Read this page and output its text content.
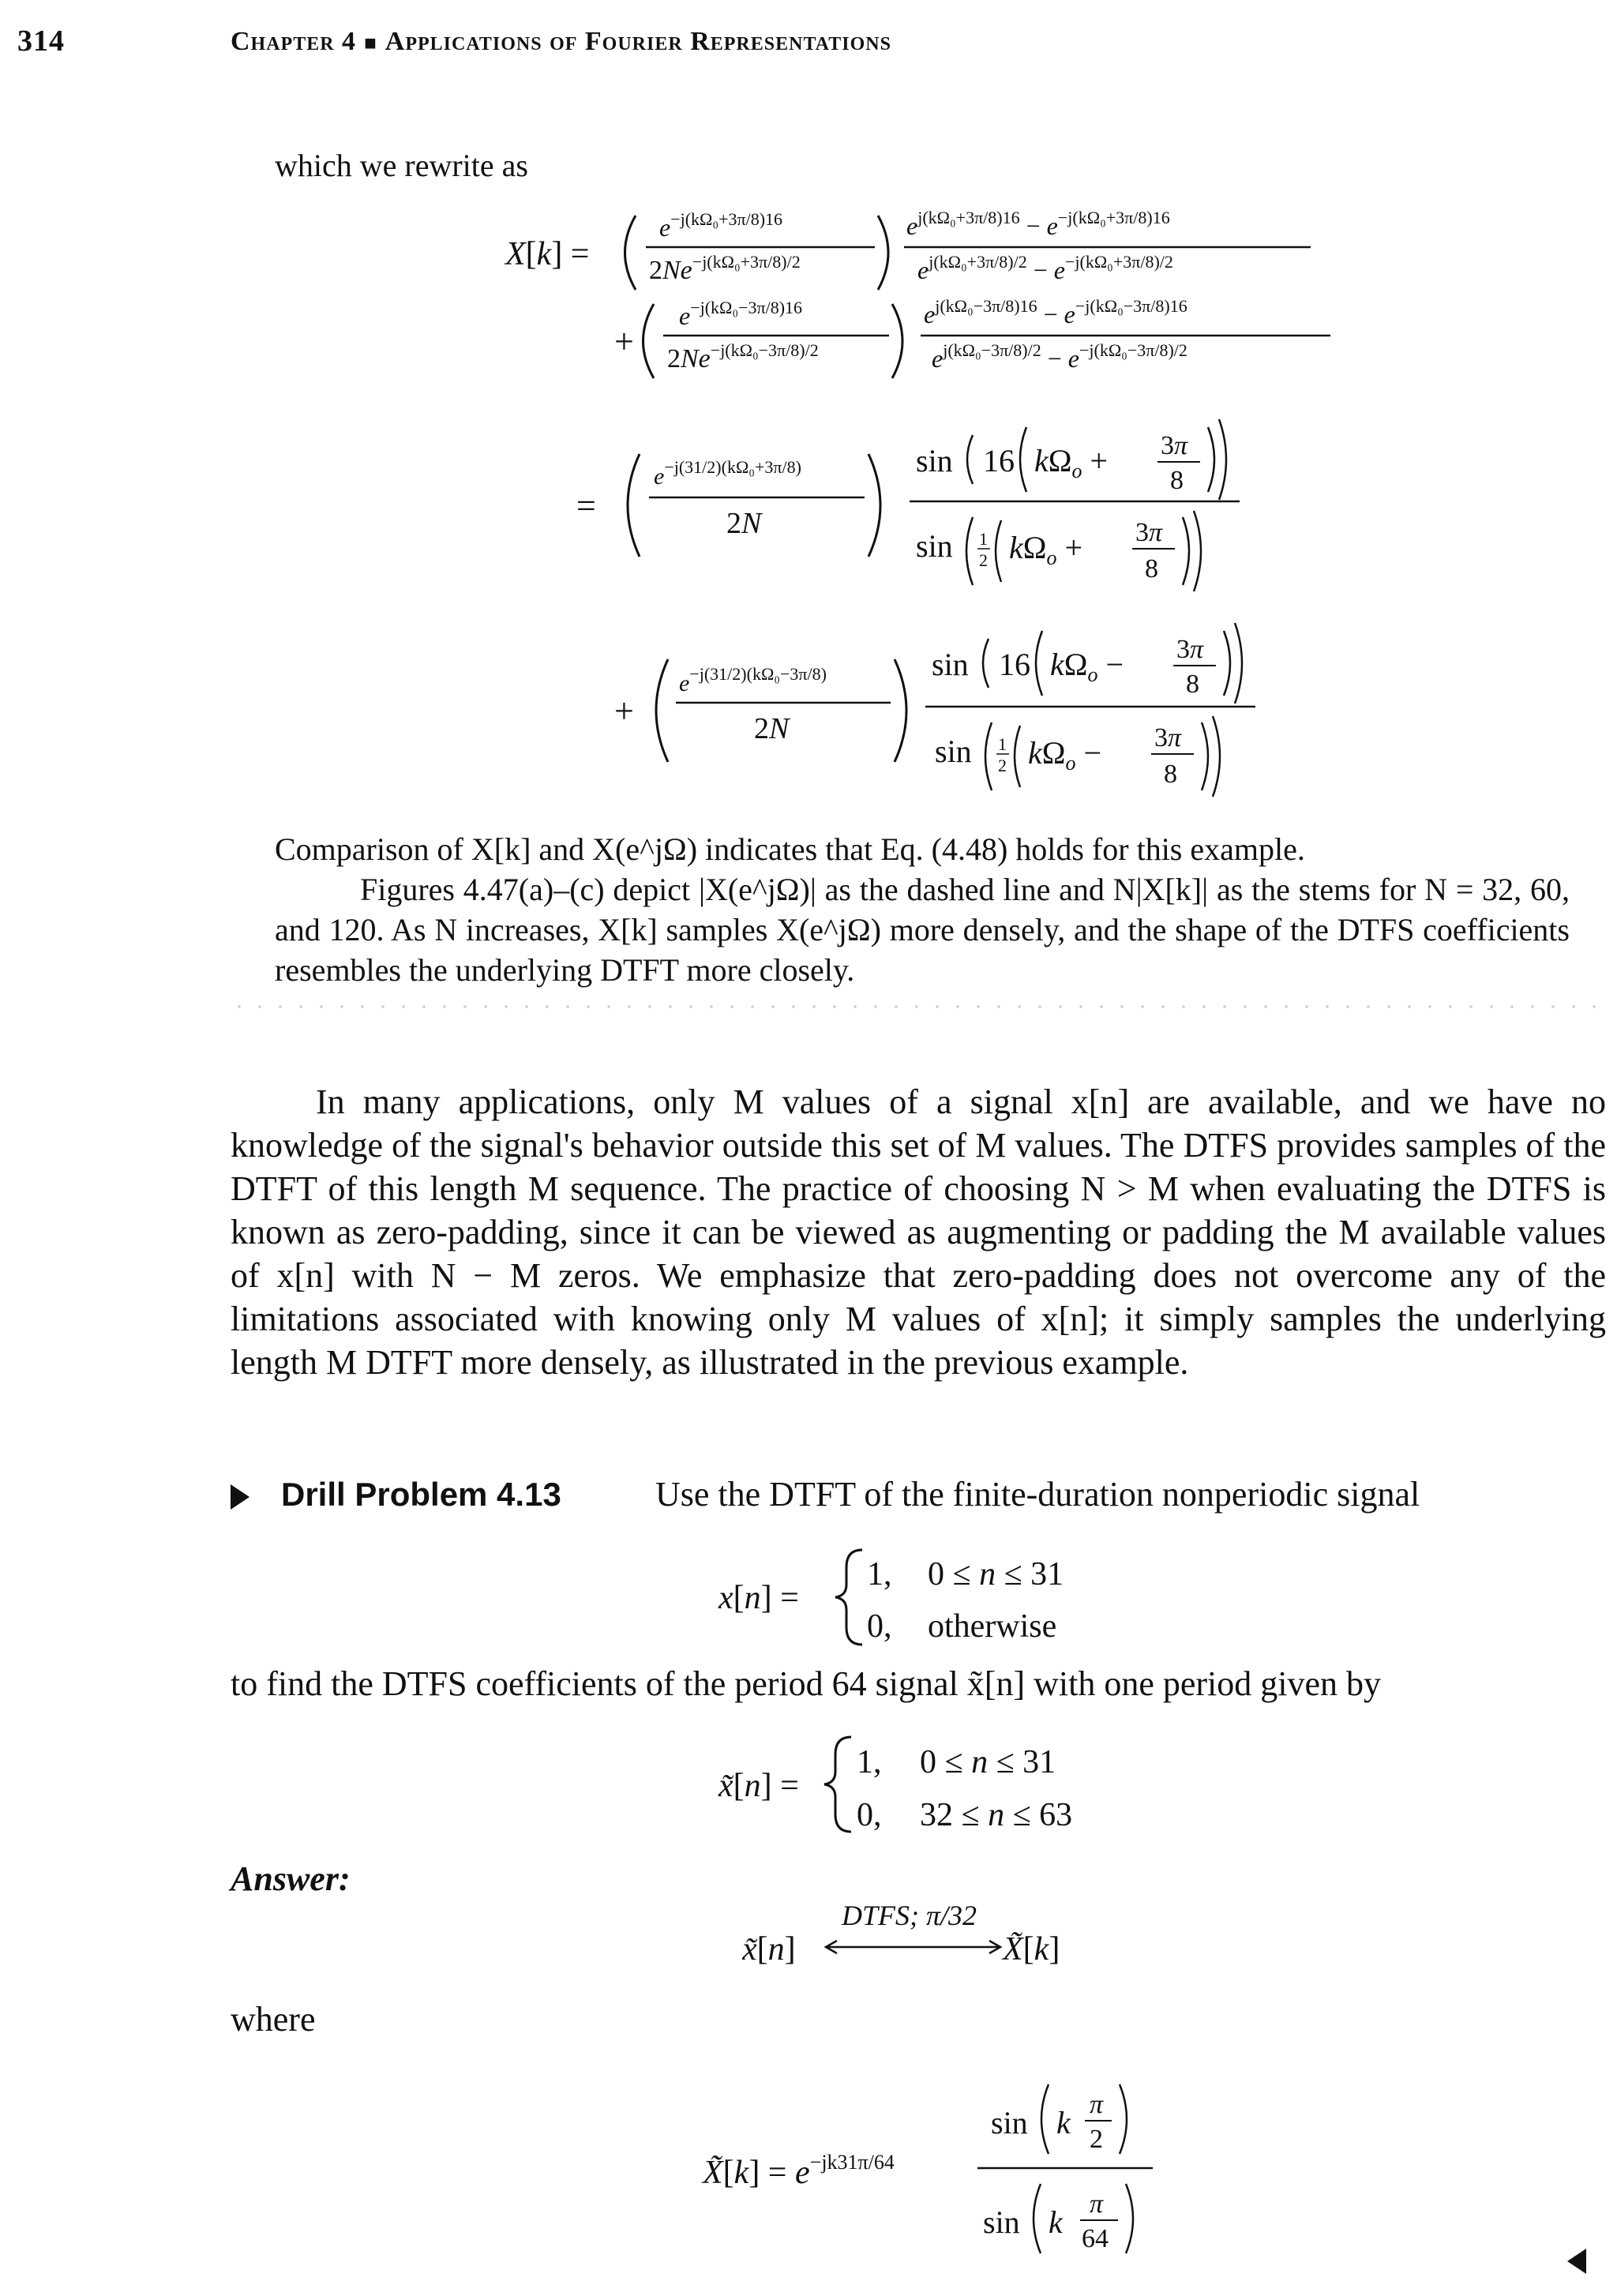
314	Chapter 4 ■ Applications of Fourier Representations
which we rewrite as
X[k] =
$e^{-j(k\Omega_0+3\pi/8)16}$
$2Ne^{-j(k\Omega_0+3\pi/8)/2}$
$e^{j(k\Omega_0+3\pi/8)16} - e^{-j(k\Omega_0+3\pi/8)16}$
$e^{j(k\Omega_0+3\pi/8)/2} - e^{-j(k\Omega_0+3\pi/8)/2}$
+
$e^{-j(k\Omega_0-3\pi/8)16}$
$2Ne^{-j(k\Omega_0-3\pi/8)/2}$
$e^{j(k\Omega_0-3\pi/8)16} - e^{-j(k\Omega_0-3\pi/8)16}$
$e^{j(k\Omega_0-3\pi/8)/2} - e^{-j(k\Omega_0-3\pi/8)/2}$
=
$e^{-j(31/2)(k\Omega_0+3\pi/8)}$
2N
sin 16 $k\Omega_o + 3\pi$
8
sin 1
2 $k\Omega_o + 3\pi$
8
+
$e^{-j(31/2)(k\Omega_0-3\pi/8)}$
2N
sin 16 $k\Omega_o - 3\pi$
8
sin 1
2 $k\Omega_o - 3\pi$
8
Comparison of X[k] and X(e^jΩ) indicates that Eq. (4.48) holds for this example.
Figures 4.47(a)–(c) depict |X(e^jΩ)| as the dashed line and N|X[k]| as the stems for N = 32, 60, and 120. As N increases, X[k] samples X(e^jΩ) more densely, and the shape of the DTFS coefficients resembles the underlying DTFT more closely.
In many applications, only M values of a signal x[n] are available, and we have no knowledge of the signal's behavior outside this set of M values. The DTFS provides samples of the DTFT of this length M sequence. The practice of choosing N > M when evaluating the DTFS is known as zero-padding, since it can be viewed as augmenting or padding the M available values of x[n] with N − M zeros. We emphasize that zero-padding does not overcome any of the limitations associated with knowing only M values of x[n]; it simply samples the underlying length M DTFT more densely, as illustrated in the previous example.
Drill Problem 4.13	Use the DTFT of the finite-duration nonperiodic signal
x[n] =
1, 0 ≤ n ≤ 31
0, otherwise
to find the DTFS coefficients of the period 64 signal x̃[n] with one period given by
x̃[n] =
1, 0 ≤ n ≤ 31
0, 32 ≤ n ≤ 63
Answer:
x̃[n]	X̃[k]
DTFS; π/32
where
X̃[k] = $e^{-jk31\pi/64}$
sin k
π
2
sin k
π
64
